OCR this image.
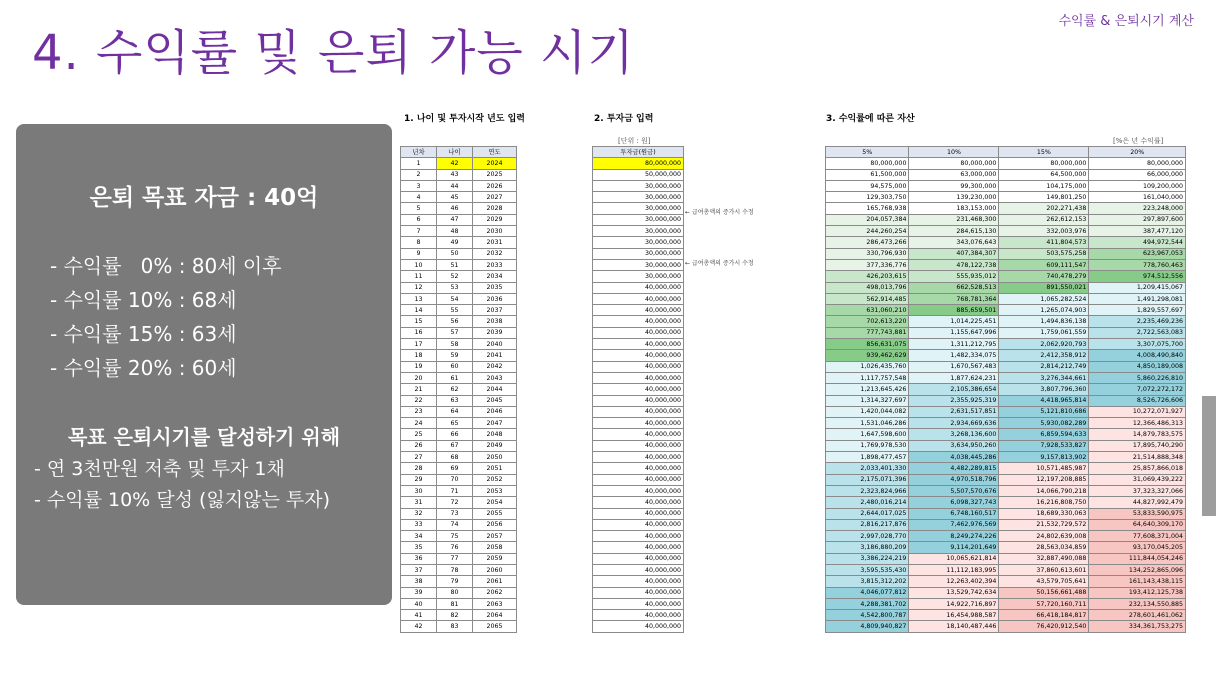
수익률 & 은퇴시기 계산
4. 수익률 및 은퇴 가능 시기
은퇴 목표 자금 : 40억
- 수익률   0% : 80세 이후
- 수익률 10% : 68세
- 수익률 15% : 63세
- 수익률 20% : 60세
목표 은퇴시기를 달성하기 위해
- 연 3천만원 저축 및 투자 1채
- 수익률 10% 달성 (잃지않는 투자)
1. 나이 및 투자시작 년도 입력	2. 투자금 입력	3. 수익률에 따른 자산
[단위 : 원]	[%은 년 수익률]
년차	나이	연도
1	42	2024
2	43	2025
3	44	2026
4	45	2027
5	46	2028
6	47	2029
7	48	2030
8	49	2031
9	50	2032
10	51	2033
11	52	2034
12	53	2035
13	54	2036
14	55	2037
15	56	2038
16	57	2039
17	58	2040
18	59	2041
19	60	2042
20	61	2043
21	62	2044
22	63	2045
23	64	2046
24	65	2047
25	66	2048
26	67	2049
27	68	2050
28	69	2051
29	70	2052
30	71	2053
31	72	2054
32	73	2055
33	74	2056
34	75	2057
35	76	2058
36	77	2059
37	78	2060
38	79	2061
39	80	2062
40	81	2063
41	82	2064
42	83	2065
투자금(원금)
80,000,000
50,000,000
30,000,000
30,000,000
30,000,000
30,000,000
30,000,000
30,000,000
30,000,000
30,000,000
30,000,000
40,000,000
40,000,000
40,000,000
40,000,000
40,000,000
40,000,000
40,000,000
40,000,000
40,000,000
40,000,000
40,000,000
40,000,000
40,000,000
40,000,000
40,000,000
40,000,000
40,000,000
40,000,000
40,000,000
40,000,000
40,000,000
40,000,000
40,000,000
40,000,000
40,000,000
40,000,000
40,000,000
40,000,000
40,000,000
40,000,000
40,000,000
← 급여총액의 증가시 수정
← 급여총액의 증가시 수정
5%	10%	15%	20%
80,000,000	80,000,000	80,000,000	80,000,000
61,500,000	63,000,000	64,500,000	66,000,000
94,575,000	99,300,000	104,175,000	109,200,000
129,303,750	139,230,000	149,801,250	161,040,000
165,768,938	183,153,000	202,271,438	223,248,000
204,057,384	231,468,300	262,612,153	297,897,600
244,260,254	284,615,130	332,003,976	387,477,120
286,473,266	343,076,643	411,804,573	494,972,544
330,796,930	407,384,307	503,575,258	623,967,053
377,336,776	478,122,738	609,111,547	778,760,463
426,203,615	555,935,012	740,478,279	974,512,556
498,013,796	662,528,513	891,550,021	1,209,415,067
562,914,485	768,781,364	1,065,282,524	1,491,298,081
631,060,210	885,659,501	1,265,074,903	1,829,557,697
702,613,220	1,014,225,451	1,494,836,138	2,235,469,236
777,743,881	1,155,647,996	1,759,061,559	2,722,563,083
856,631,075	1,311,212,795	2,062,920,793	3,307,075,700
939,462,629	1,482,334,075	2,412,358,912	4,008,490,840
1,026,435,760	1,670,567,483	2,814,212,749	4,850,189,008
1,117,757,548	1,877,624,231	3,276,344,661	5,860,226,810
1,213,645,426	2,105,386,654	3,807,796,360	7,072,272,172
1,314,327,697	2,355,925,319	4,418,965,814	8,526,726,606
1,420,044,082	2,631,517,851	5,121,810,686	10,272,071,927
1,531,046,286	2,934,669,636	5,930,082,289	12,366,486,313
1,647,598,600	3,268,136,600	6,859,594,633	14,879,783,575
1,769,978,530	3,634,950,260	7,928,533,827	17,895,740,290
1,898,477,457	4,038,445,286	9,157,813,902	21,514,888,348
2,033,401,330	4,482,289,815	10,571,485,987	25,857,866,018
2,175,071,396	4,970,518,796	12,197,208,885	31,069,439,222
2,323,824,966	5,507,570,676	14,066,790,218	37,323,327,066
2,480,016,214	6,098,327,743	16,216,808,750	44,827,992,479
2,644,017,025	6,748,160,517	18,689,330,063	53,833,590,975
2,816,217,876	7,462,976,569	21,532,729,572	64,640,309,170
2,997,028,770	8,249,274,226	24,802,639,008	77,608,371,004
3,186,880,209	9,114,201,649	28,563,034,859	93,170,045,205
3,386,224,219	10,065,621,814	32,887,490,088	111,844,054,246
3,595,535,430	11,112,183,995	37,860,613,601	134,252,865,096
3,815,312,202	12,263,402,394	43,579,705,641	161,143,438,115
4,046,077,812	13,529,742,634	50,156,661,488	193,412,125,738
4,288,381,702	14,922,716,897	57,720,160,711	232,134,550,885
4,542,800,787	16,454,988,587	66,418,184,817	278,601,461,062
4,809,940,827	18,140,487,446	76,420,912,540	334,361,753,275
